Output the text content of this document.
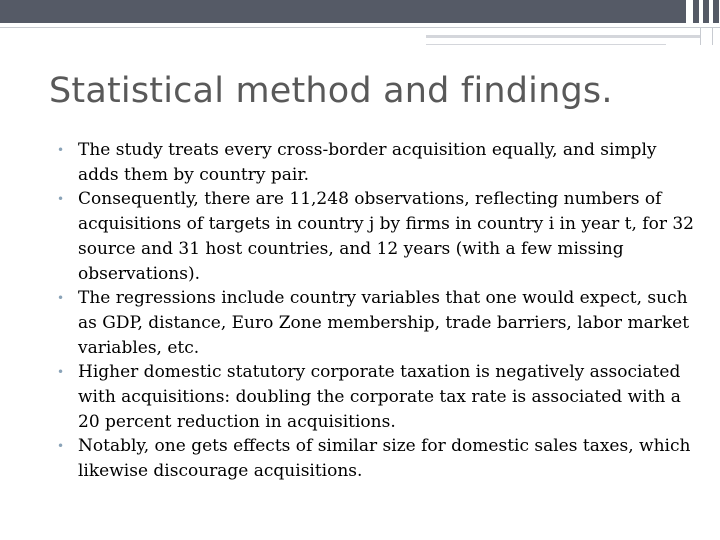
Statistical method and findings.
• The study treats every cross-border acquisition equally, and simply adds them by country pair.
• Consequently, there are 11,248 observations, reflecting numbers of acquisitions of targets in country j by firms in country i in year t, for 32 source and 31 host countries, and 12 years (with a few missing observations).
• The regressions include country variables that one would expect, such as GDP, distance, Euro Zone membership, trade barriers, labor market variables, etc.
• Higher domestic statutory corporate taxation is negatively associated with acquisitions: doubling the corporate tax rate is associated with a 20 percent reduction in acquisitions.
• Notably, one gets effects of similar size for domestic sales taxes, which likewise discourage acquisitions.
